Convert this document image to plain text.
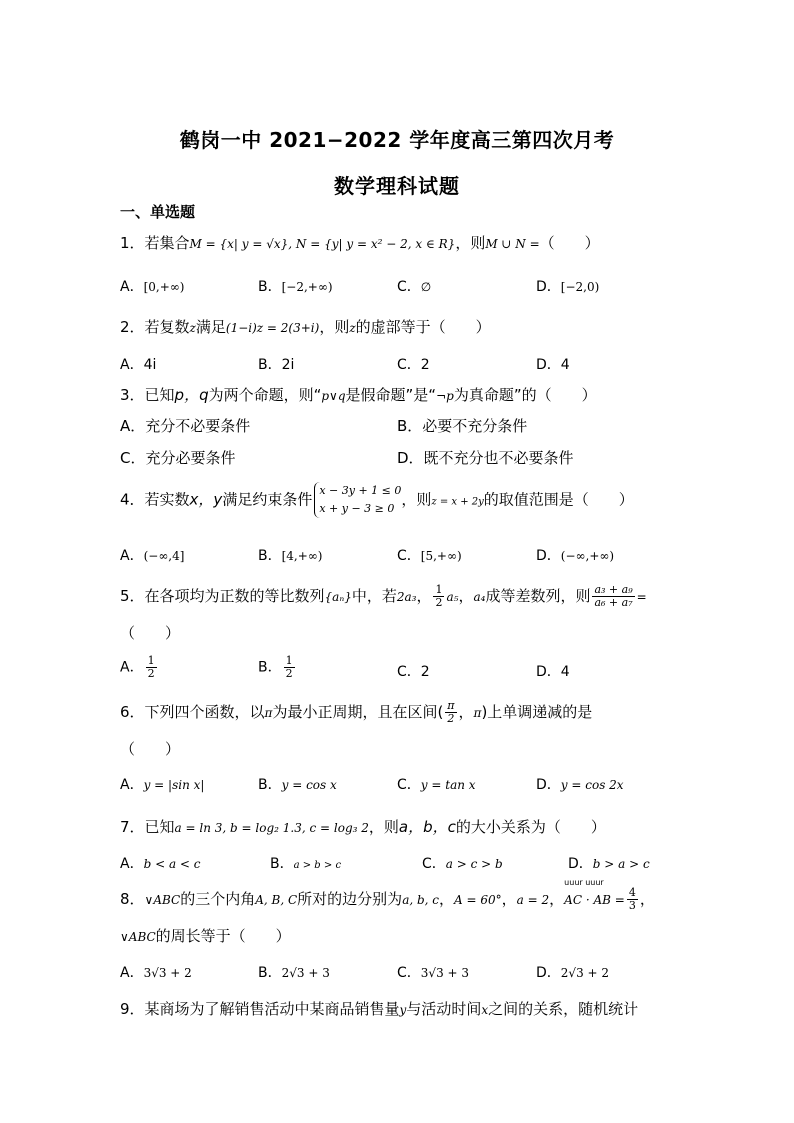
鹤岗一中 2021−2022 学年度高三第四次月考
数学理科试题
一、单选题
1．若集合M = {x| y = √x}, N = {y| y = x² − 2, x ∈ R}，则M ∪ N =（　　）
A．[0,+∞)	B．[−2,+∞)	C．∅	D．[−2,0)
2．若复数z满足(1−i)z = 2(3+i)，则z的虚部等于（　　）
A．4i	B．2i	C．2	D．4
3．已知p，q为两个命题，则“p∨q是假命题”是“¬p为真命题”的（　　）
A．充分不必要条件	B．必要不充分条件
C．充分必要条件	D．既不充分也不必要条件
4．若实数x，y满足约束条件 x − 3y + 1 ≤ 0
x + y − 3 ≥ 0 ，则z = x + 2y的取值范围是（　　）
A．(−∞,4]	B．[4,+∞)	C．[5,+∞)	D．(−∞,+∞)
5．在各项均为正数的等比数列{aₙ}中，若2a₃， $\frac{1}{2} a_5$，a₄成等差数列，则 $\frac{\text{a₃ + a₉}}{\text{a₆ + a₇}}$ =
（　　）
A． $\frac{1}{2}$	B． $\frac{1}{2}$	C．2	D．4
6．下列四个函数，以π为最小正周期，且在区间( $\frac{\pi}{2}$ ，π)上单调递减的是
（　　）
A．y = |sin x|	B．y = cos x	C．y = tan x	D．y = cos 2x
7．已知a = ln 3, b = log₂ 1.3, c = log₃ 2，则a，b，c的大小关系为（　　）
A．b < a < c	B．a > b > c	C．a > c > b	D．b > a > c
8．∨ABC的三个内角A, B, C所对的边分别为a, b, c，A = 60°，a = 2，
uuur uuur
AC · AB = $\frac{4}{3}$ ，
∨ABC的周长等于（　　）
A．3√3 + 2	B．2√3 + 3	C．3√3 + 3	D．2√3 + 2
9．某商场为了解销售活动中某商品销售量y与活动时间x之间的关系，随机统计
